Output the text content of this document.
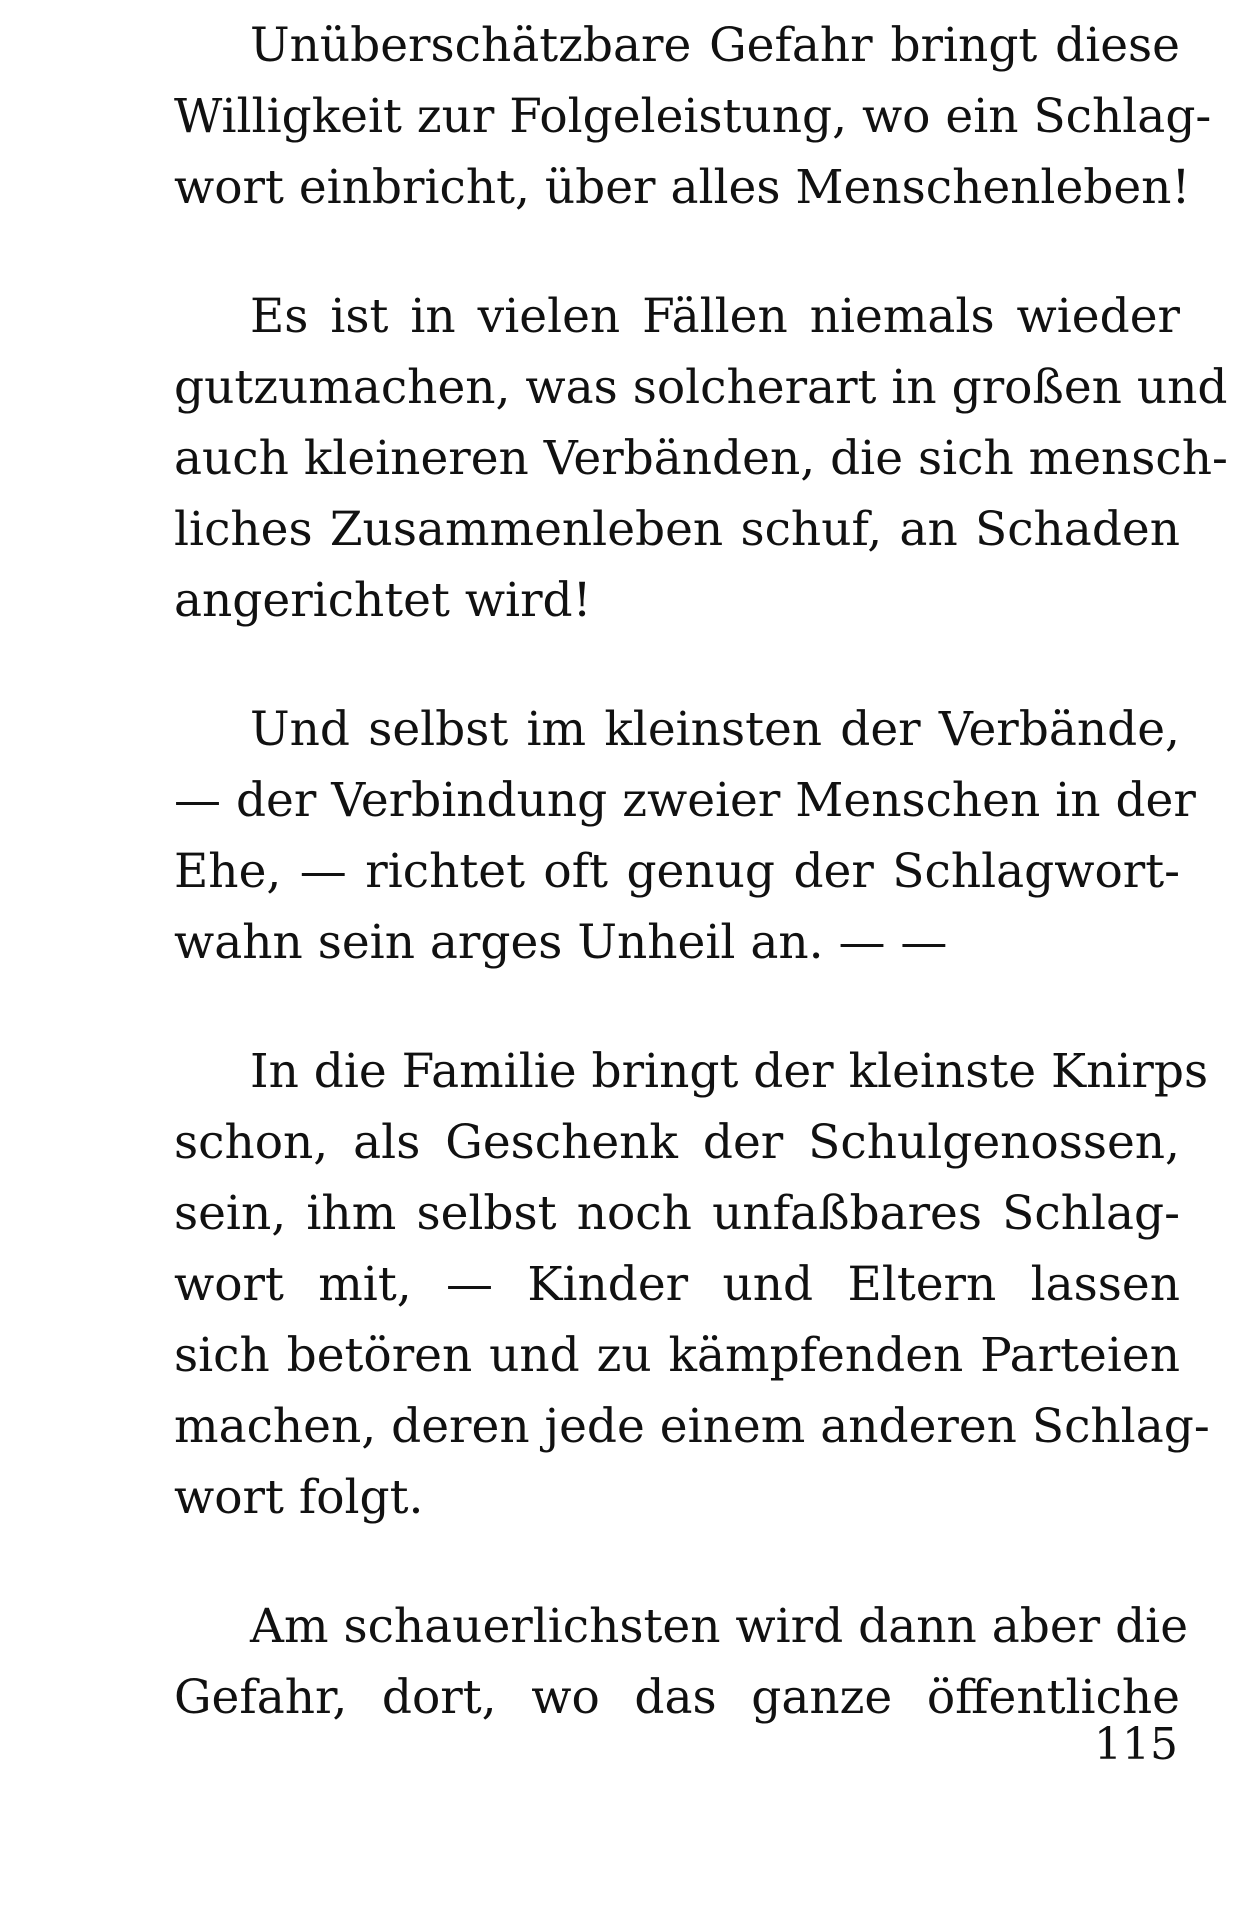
Unüberschätzbare Gefahr bringt diese
Willigkeit zur Folgeleistung, wo ein Schlag-
wort einbricht, über alles Menschenleben!

Es ist in vielen Fällen niemals wieder
gutzumachen, was solcherart in großen und
auch kleineren Verbänden, die sich mensch-
liches Zusammenleben schuf, an Schaden
angerichtet wird!

Und selbst im kleinsten der Verbände,
— der Verbindung zweier Menschen in der
Ehe, — richtet oft genug der Schlagwort-
wahn sein arges Unheil an. — —

In die Familie bringt der kleinste Knirps
schon, als Geschenk der Schulgenossen,
sein, ihm selbst noch unfaßbares Schlag-
wort mit, — Kinder und Eltern lassen
sich betören und zu kämpfenden Parteien
machen, deren jede einem anderen Schlag-
wort folgt.

Am schauerlichsten wird dann aber die
Gefahr, dort, wo das ganze öffentliche

115
